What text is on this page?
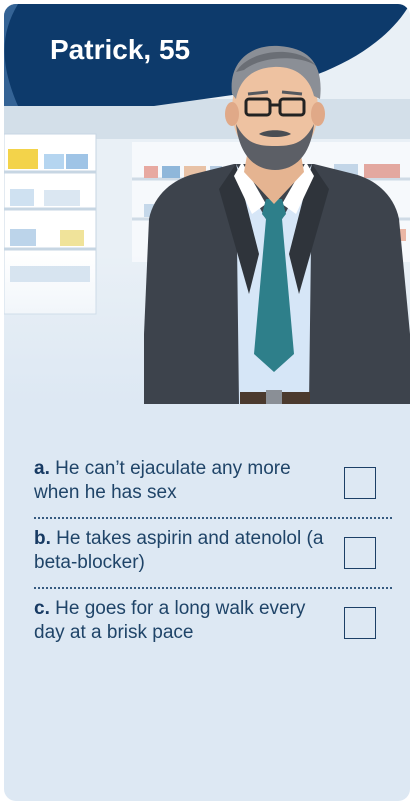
Patrick, 55
a. He can’t ejaculate any more when he has sex
b. He takes aspirin and atenolol (a beta-blocker)
c. He goes for a long walk every day at a brisk pace
